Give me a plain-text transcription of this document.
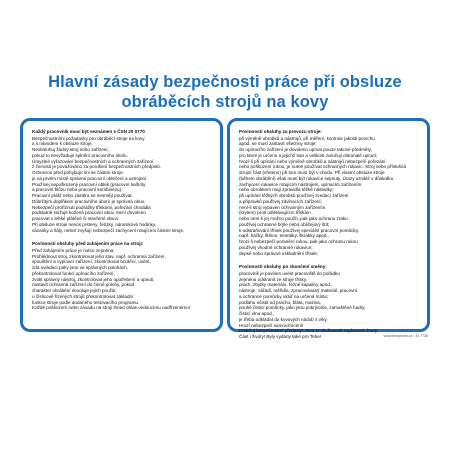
Hlavní zásady bezpečnosti práce při obsluze
obráběcích strojů na kovy
Každý pracovník musí být seznámen s ČSN 20 0770
Bezpečnostními požadavky pro obráběcí stroje na kovy
a s návodem k obsluze stroje.
Neobsluhuj žádný stroj nebo zařízení,
pokud to nevyžaduje splnění pracovního úkolu.
Úmyslné vyřazování bezpečnostních a ochranných zařízení
z činnosti je považováno za porušení bezpečnostních předpisů.
Ochranou před pohybujícími se částmi stroje
je na prvém místě správné pracovní oblečení a ustrojení.
Používej nepoškozený pracovní oblek (pracovní kalhoty
a pracovní blůzu nebo pracovní kombinézu).
Pracovní plášť nebo zástěra se nesmějí používat.
Důležitým doplňkem pracovního úboru je správná obuv.
Nebezpečí proříznutí podrážky třískami, pořezání chodidla
podstatně snižuje kožená pracovní obuv. Není dovoleno
pracovat v lehké plátěné či otevřené obuvi.
Při obsluze stroje nenos prsteny, řetízky, náramkové hodinky,
vázanky a šály, neboť zvyšují nebezpečí zachycení rotujícími částmi stroje.
Povinnosti obsluhy před zahájením práce na stroji:
Před zahájením práce je nutno zejména:
Prohlédnout stroj, zkontrolovat jeho stav, např. ochranná zařízení,
spouštění a vypínací zařízení, zkontrolovat brzdění, uvěrit,
zda ovládací páky jsou ve správných polohách,
překontrolovat funkci upínacího zařízení,
zvolit správný nástroj, zkontrolovat jeho opotřebení a upnutí,
nastavit ochranná zařízení do činné polohy, pokud
charakter obrábění dovoluje jejich použití,
u číslicově řízených strojů překontrolovat základní
funkce stroje podle dodaného testovacího programu.
Každé poškození nebo závadu na stroji ihned ohlas vedoucímu nadřízenému!
Povinnosti obsluhy za provozu stroje:
při výměně obrobků a nástrojů, při měření, kontrole jakosti povrchu
apod. se musí zastavit všechny stroje;
do upínacího zařízení je dovoleno upínat pouze takové předměty,
pro které je určeno a jejichž tvar a velikost zaručují dokonalé upnutí;
hrozí-li při upínání nebo výměně obrobků a nástrojů nebezpečí pořezání
nebo poškození rukou, je nutné používat ochranných rukavic. Stroj nebo příslušná
strojní část (vřeteno) při tom musí být v chodu. Při vlastní obsluze stroje
(během obrábění) však musí být rukavice sejmuty. Úrazy vzniklé v důsledku
zachycení rukavice rotujícím nástrojem, upínacím zařízením
nebo obrobkem mají zpravidla těžké následky;
při upínání těžkých obrobků používej zvedací zařízení
a připravků používej zdvihacích zařízení;
není-li stroj vybaven ochranným zařízením
(krytem) proti odlétávajícím třískám
nebo není-li jej možno použít, pak jako ochranu zraku
používej ochranné brýle nebo obličejový štít;
k odstraňování třísek používej speciální pracovní pomůcky,
např. háčky, štětce, smetáky, škrabky apod.,
hrozí-li nebezpečí poranění rukou, pak jako ochranu rukou
používej vhodné ochranné rukavice;
depsé nebo správné uskladnění třísek;
Povinnosti obsluhy po skončení směny:
pracovník je povinen uvést pracoviště do pořádku
zejména odstranit ze stroje třísky,
prach, zbytky materiálu, řezné kapaliny apod.;
nástroje, nářadí, měřidla, zpracovávaný materiál, pracovní
a ochranné pomůcky ukliď na určená místa;
podlahu očistit od prachu, bláta, maziva,
pouhé čisticí pomůcky, jako jsou pokrývače, zamaštěné hadry,
čisticí vlnu apod.,
je třeba odkládat do kovových nádob s víky.
Hrozí nebezpečí samovznícení!
Dodržuj bezpečnostní předpisy! Jsou to zkušenosti zaplacené úrazy.
Část i životy! Byly vydány také pro Tebe!	www.bezpecne.cz • SI 7738
